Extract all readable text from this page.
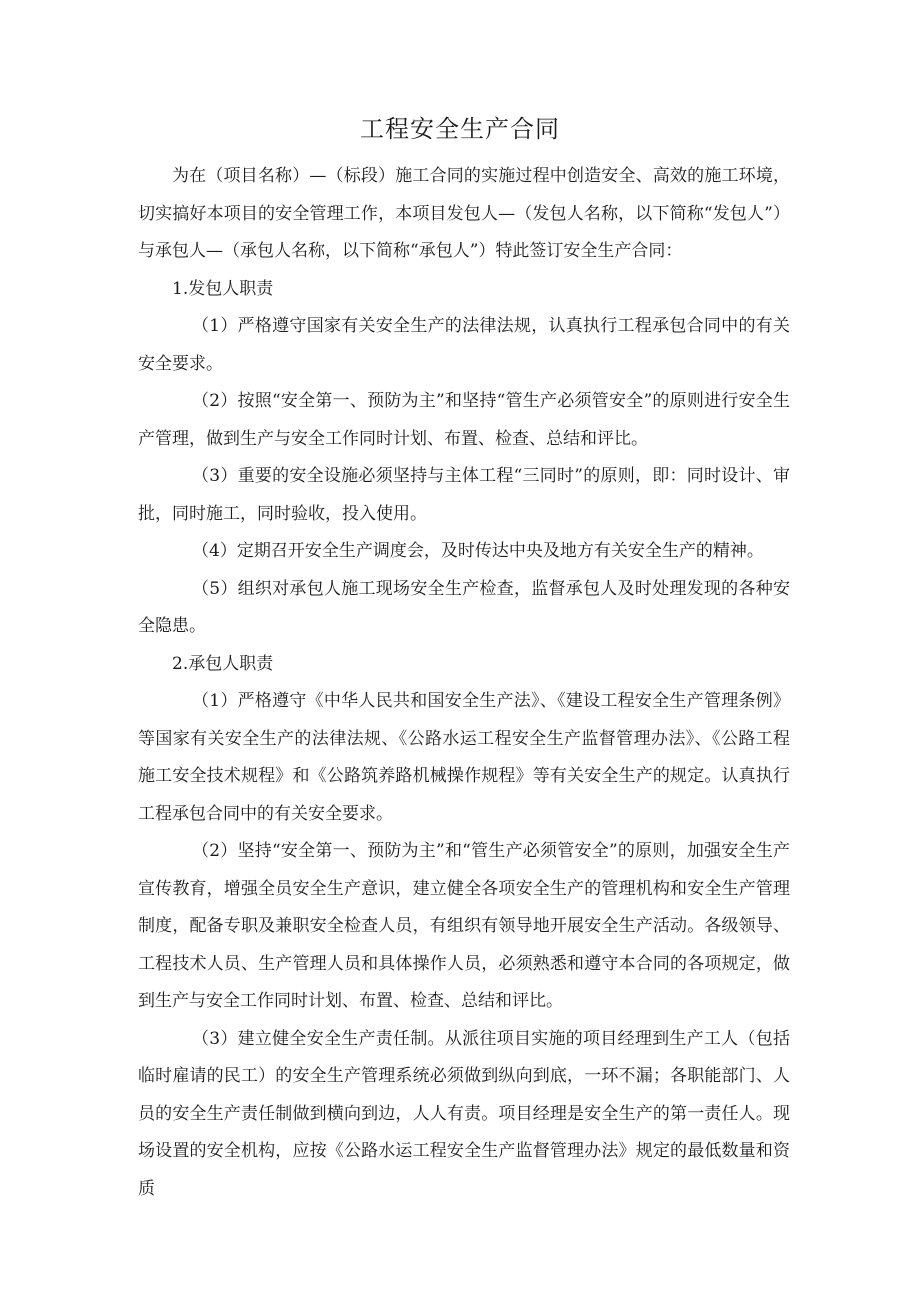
工程安全生产合同

为在（项目名称）—（标段）施工合同的实施过程中创造安全、高效的施工环境，切实搞好本项目的安全管理工作，本项目发包人—（发包人名称，以下简称“发包人”）与承包人—（承包人名称，以下简称“承包人”）特此签订安全生产合同：

1.发包人职责

（1）严格遵守国家有关安全生产的法律法规，认真执行工程承包合同中的有关安全要求。

（2）按照“安全第一、预防为主”和坚持“管生产必须管安全”的原则进行安全生产管理，做到生产与安全工作同时计划、布置、检查、总结和评比。

（3）重要的安全设施必须坚持与主体工程“三同时”的原则，即：同时设计、审批，同时施工，同时验收，投入使用。

（4）定期召开安全生产调度会，及时传达中央及地方有关安全生产的精神。

（5）组织对承包人施工现场安全生产检查，监督承包人及时处理发现的各种安全隐患。

2.承包人职责

（1）严格遵守《中华人民共和国安全生产法》、《建设工程安全生产管理条例》等国家有关安全生产的法律法规、《公路水运工程安全生产监督管理办法》、《公路工程施工安全技术规程》和《公路筑养路机械操作规程》等有关安全生产的规定。认真执行工程承包合同中的有关安全要求。

（2）坚持“安全第一、预防为主”和“管生产必须管安全”的原则，加强安全生产宣传教育，增强全员安全生产意识，建立健全各项安全生产的管理机构和安全生产管理制度，配备专职及兼职安全检查人员，有组织有领导地开展安全生产活动。各级领导、工程技术人员、生产管理人员和具体操作人员，必须熟悉和遵守本合同的各项规定，做到生产与安全工作同时计划、布置、检查、总结和评比。

（3）建立健全安全生产责任制。从派往项目实施的项目经理到生产工人（包括临时雇请的民工）的安全生产管理系统必须做到纵向到底，一环不漏；各职能部门、人员的安全生产责任制做到横向到边，人人有责。项目经理是安全生产的第一责任人。现场设置的安全机构，应按《公路水运工程安全生产监督管理办法》规定的最低数量和资质
